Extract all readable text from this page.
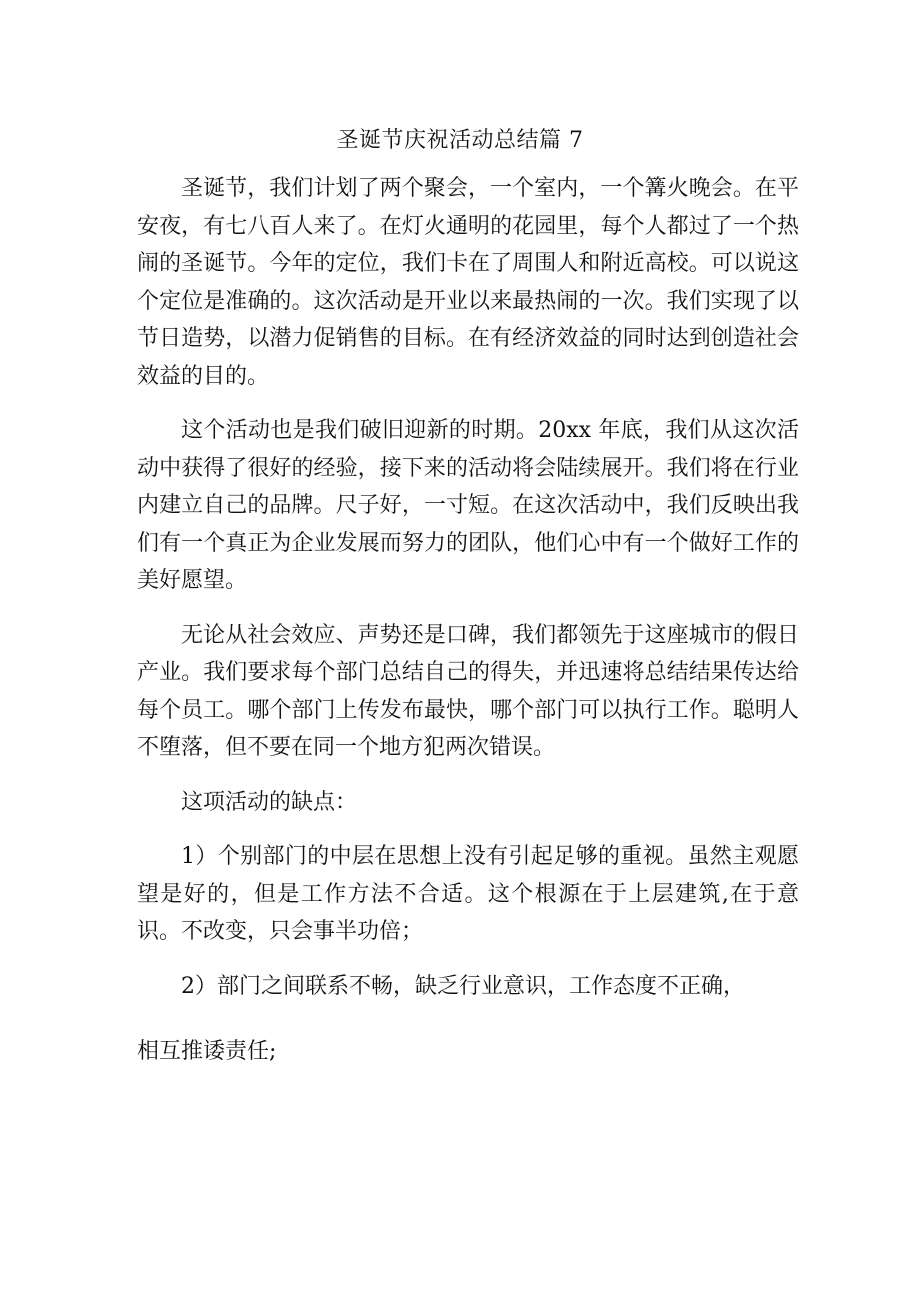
圣诞节庆祝活动总结篇 7

圣诞节，我们计划了两个聚会，一个室内，一个篝火晚会。在平安夜，有七八百人来了。在灯火通明的花园里，每个人都过了一个热闹的圣诞节。今年的定位，我们卡在了周围人和附近高校。可以说这个定位是准确的。这次活动是开业以来最热闹的一次。我们实现了以节日造势，以潜力促销售的目标。在有经济效益的同时达到创造社会效益的目的。

这个活动也是我们破旧迎新的时期。20xx 年底，我们从这次活动中获得了很好的经验，接下来的活动将会陆续展开。我们将在行业内建立自己的品牌。尺子好，一寸短。在这次活动中，我们反映出我们有一个真正为企业发展而努力的团队，他们心中有一个做好工作的美好愿望。

无论从社会效应、声势还是口碑，我们都领先于这座城市的假日产业。我们要求每个部门总结自己的得失，并迅速将总结结果传达给每个员工。哪个部门上传发布最快，哪个部门可以执行工作。聪明人不堕落，但不要在同一个地方犯两次错误。

这项活动的缺点：

1）个别部门的中层在思想上没有引起足够的重视。虽然主观愿望是好的，但是工作方法不合适。这个根源在于上层建筑,在于意识。不改变，只会事半功倍；

2）部门之间联系不畅，缺乏行业意识，工作态度不正确，

相互推诿责任;
